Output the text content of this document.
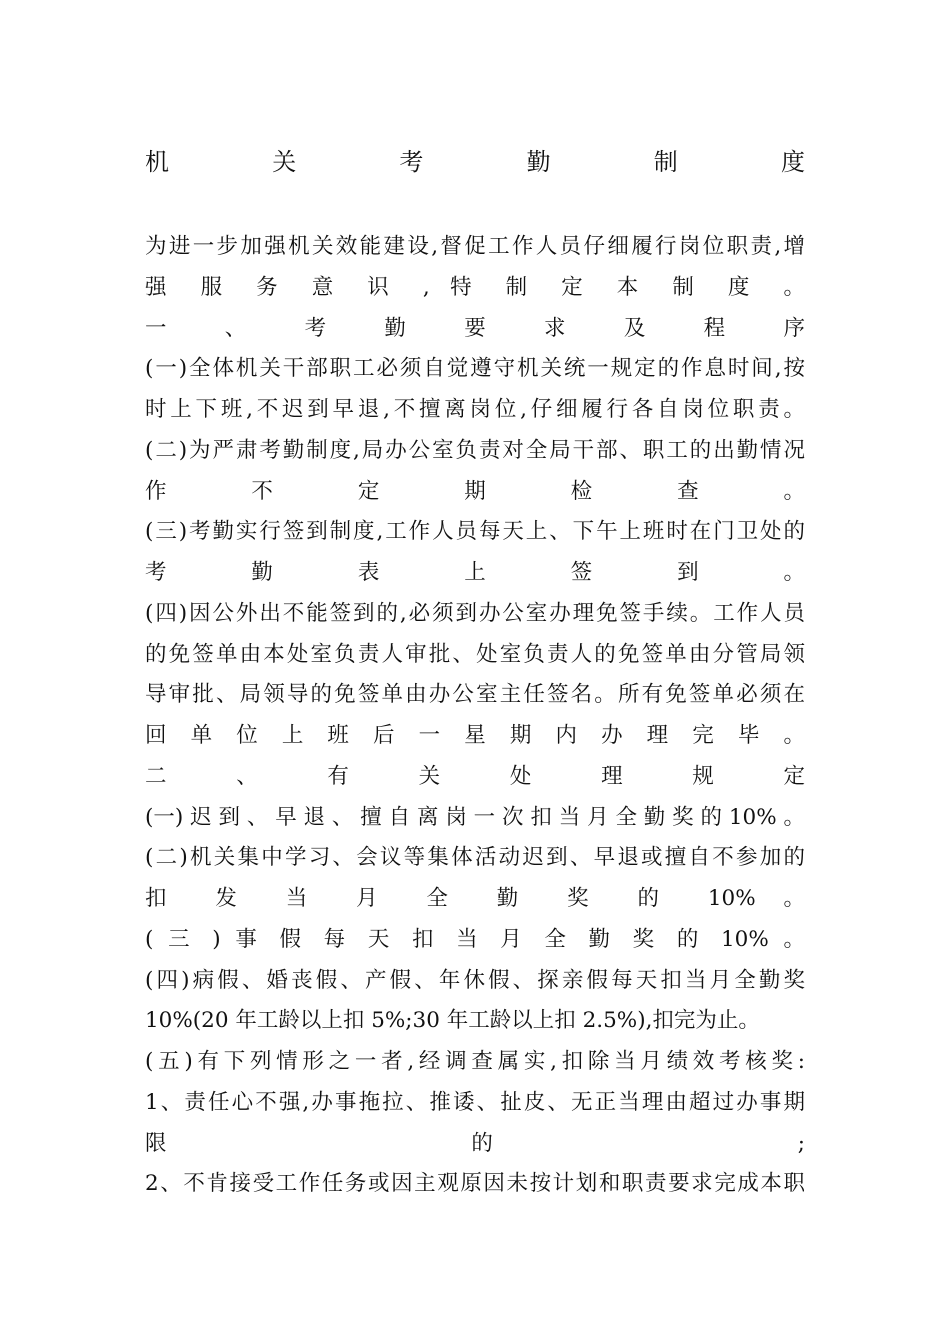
机 关 考 勤 制 度
为进一步加强机关效能建设,督促工作人员仔细履行岗位职责,增
强 服 务 意 识 , 特 制 定 本 制 度 。
一 、 考 勤 要 求 及 程 序
(一)全体机关干部职工必须自觉遵守机关统一规定的作息时间,按
时上下班,不迟到早退,不擅离岗位,仔细履行各自岗位职责。
(二)为严肃考勤制度,局办公室负责对全局干部、职工的出勤情况
作 不 定 期 检 查 。
(三)考勤实行签到制度,工作人员每天上、下午上班时在门卫处的
考 勤 表 上 签 到 。
(四)因公外出不能签到的,必须到办公室办理免签手续。工作人员
的免签单由本处室负责人审批、处室负责人的免签单由分管局领
导审批、局领导的免签单由办公室主任签名。所有免签单必须在
回 单 位 上 班 后 一 星 期 内 办 理 完 毕 。
二 、 有 关 处 理 规 定
(一) 迟 到 、 早 退 、 擅 自 离 岗 一 次 扣 当 月 全 勤 奖 的 10% 。
(二)机关集中学习、会议等集体活动迟到、早退或擅自不参加的
扣 发 当 月 全 勤 奖 的 10% 。
( 三 ) 事 假 每 天 扣 当 月 全 勤 奖 的 10% 。
(四)病假、婚丧假、产假、年休假、探亲假每天扣当月全勤奖
10%(20 年工龄以上扣 5%;30 年工龄以上扣 2.5%),扣完为止。
(五)有下列情形之一者,经调查属实,扣除当月绩效考核奖:
1、责任心不强,办事拖拉、推诿、扯皮、无正当理由超过办事期
限 的 ;
2、不肯接受工作任务或因主观原因未按计划和职责要求完成本职
